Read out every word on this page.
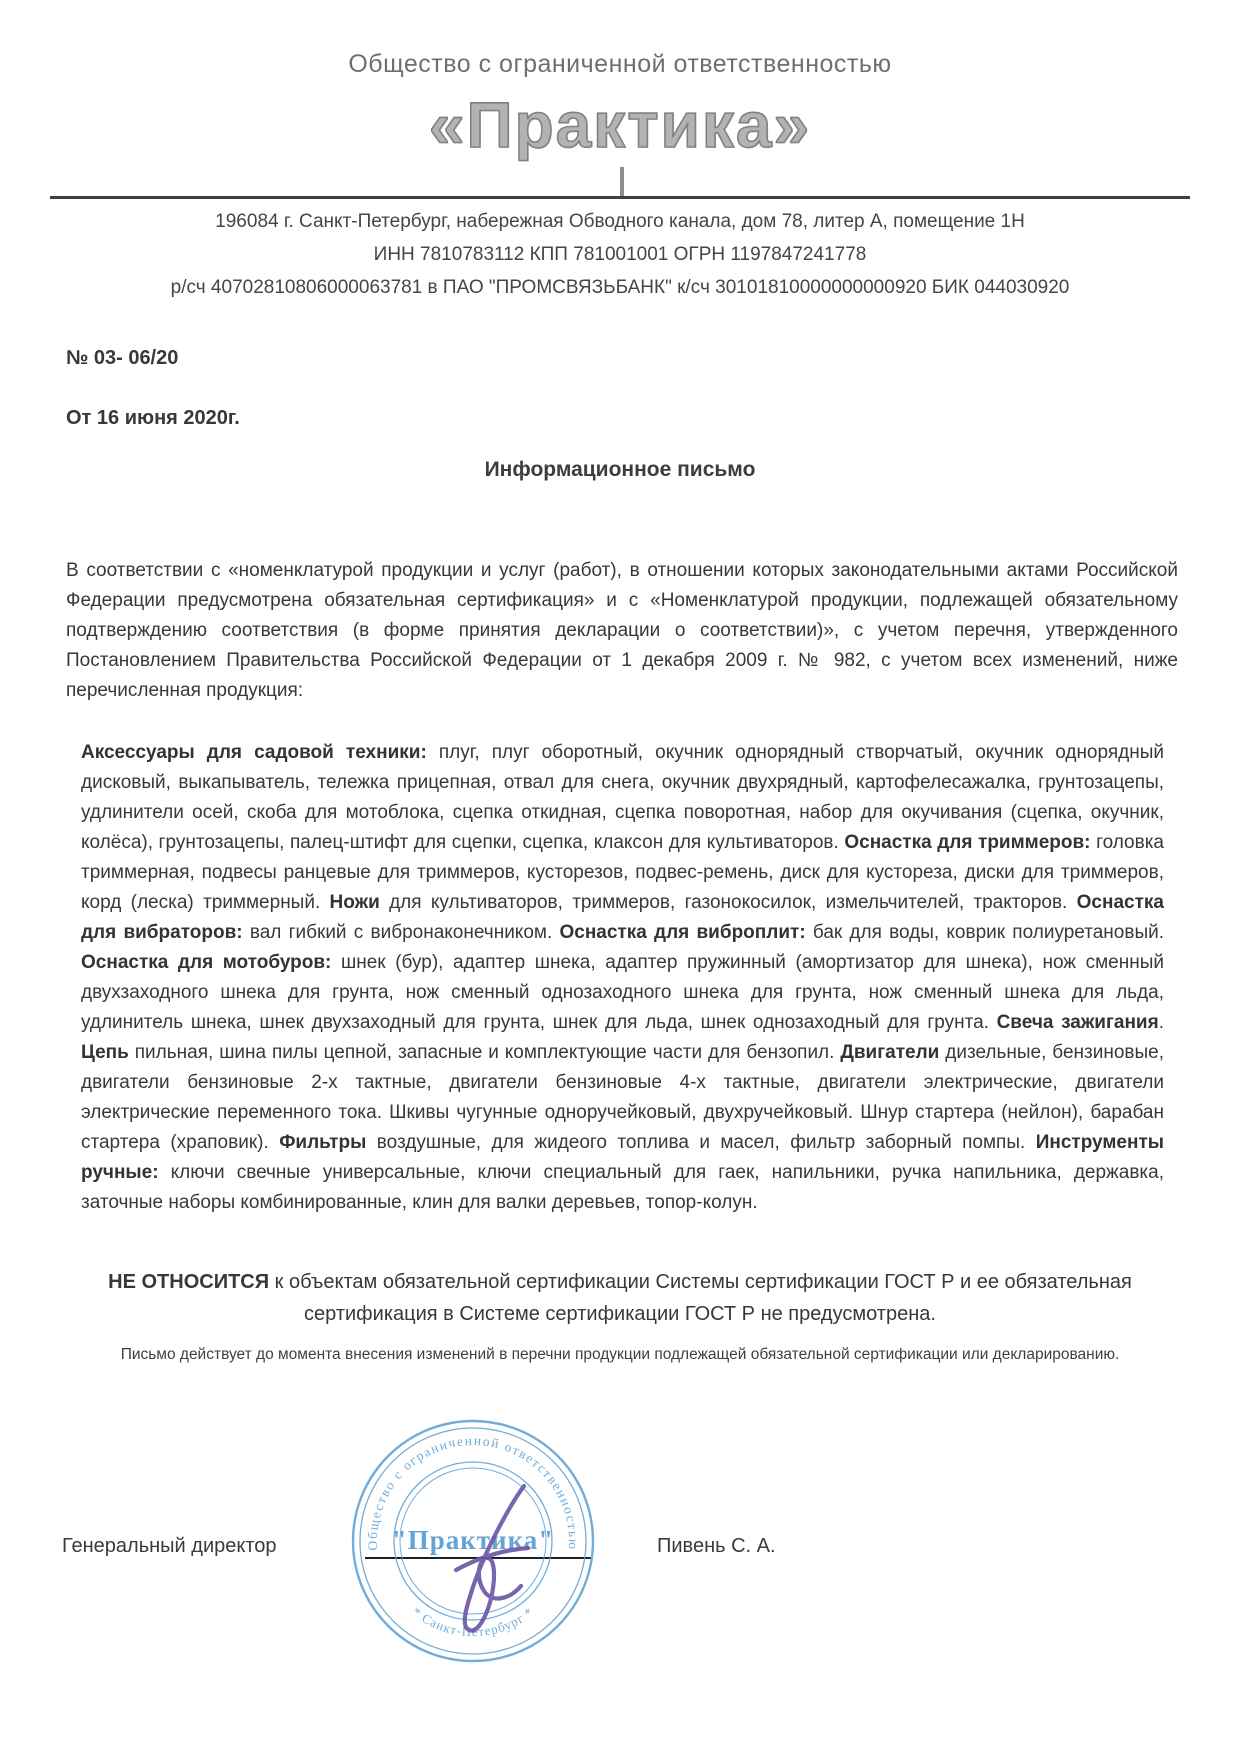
Общество с ограниченной ответственностью
«Практика»
196084 г. Санкт-Петербург, набережная Обводного канала, дом 78, литер А, помещение 1Н
ИНН 7810783112 КПП 781001001 ОГРН 1197847241778
р/сч 40702810806000063781 в ПАО "ПРОМСВЯЗЬБАНК" к/сч 30101810000000000920 БИК 044030920
№ 03- 06/20
От 16 июня 2020г.
Информационное письмо
В соответствии с «номенклатурой продукции и услуг (работ), в отношении которых законодательными актами Российской Федерации предусмотрена обязательная сертификация» и с «Номенклатурой продукции, подлежащей обязательному подтверждению соответствия (в форме принятия декларации о соответствии)», с учетом перечня, утвержденного Постановлением Правительства Российской Федерации от 1 декабря 2009 г. № 982, с учетом всех изменений, ниже перечисленная продукция:
Аксессуары для садовой техники: плуг, плуг оборотный, окучник однорядный створчатый, окучник однорядный дисковый, выкапыватель, тележка прицепная, отвал для снега, окучник двухрядный, картофелесажалка, грунтозацепы, удлинители осей, скоба для мотоблока, сцепка откидная, сцепка поворотная, набор для окучивания (сцепка, окучник, колёса), грунтозацепы, палец-штифт для сцепки, сцепка, клаксон для культиваторов. Оснастка для триммеров: головка триммерная, подвесы ранцевые для триммеров, кусторезов, подвес-ремень, диск для кустореза, диски для триммеров, корд (леска) триммерный. Ножи для культиваторов, триммеров, газонокосилок, измельчителей, тракторов. Оснастка для вибраторов: вал гибкий с вибронаконечником. Оснастка для виброплит: бак для воды, коврик полиуретановый. Оснастка для мотобуров: шнек (бур), адаптер шнека, адаптер пружинный (амортизатор для шнека), нож сменный двухзаходного шнека для грунта, нож сменный однозаходного шнека для грунта, нож сменный шнека для льда, удлинитель шнека, шнек двухзаходный для грунта, шнек для льда, шнек однозаходный для грунта. Свеча зажигания. Цепь пильная, шина пилы цепной, запасные и комплектующие части для бензопил. Двигатели дизельные, бензиновые, двигатели бензиновые 2-х тактные, двигатели бензиновые 4-х тактные, двигатели электрические, двигатели электрические переменного тока. Шкивы чугунные одноручейковый, двухручейковый. Шнур стартера (нейлон), барабан стартера (храповик). Фильтры воздушные, для жидеого топлива и масел, фильтр заборный помпы. Инструменты ручные: ключи свечные универсальные, ключи специальный для гаек, напильники, ручка напильника, державка, заточные наборы комбинированные, клин для валки деревьев, топор-колун.
НЕ ОТНОСИТСЯ к объектам обязательной сертификации Системы сертификации ГОСТ Р и ее обязательная сертификация в Системе сертификации ГОСТ Р не предусмотрена.
Письмо действует до момента внесения изменений в перечни продукции подлежащей обязательной сертификации или декларированию.
Генеральный директор	Пивень С. А.
Общество с ограниченной ответственностью
* Санкт-Петербург *
"Практика"
